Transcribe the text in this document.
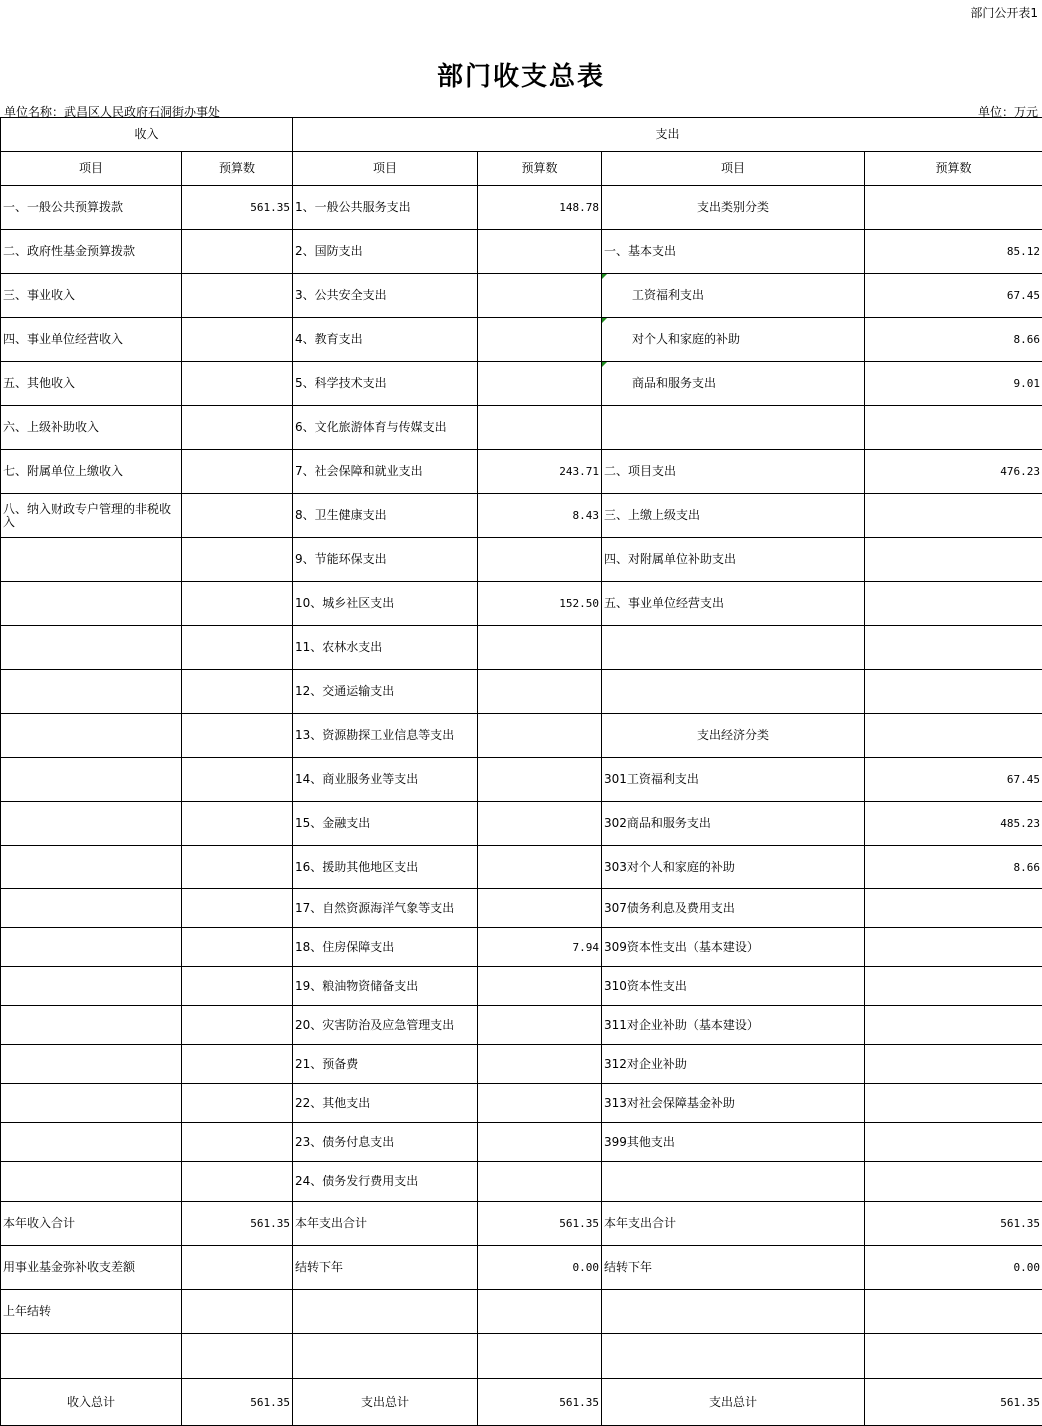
部门公开表1
部门收支总表
单位名称：武昌区人民政府石洞街办事处	单位：万元
收入		支出			
项目	预算数	项目	预算数	项目	预算数
一、一般公共预算拨款	561.35	1、一般公共服务支出	148.78	支出类别分类	
二、政府性基金预算拨款		2、国防支出		一、基本支出	85.12
三、事业收入		3、公共安全支出		工资福利支出	67.45
四、事业单位经营收入		4、教育支出		对个人和家庭的补助	8.66
五、其他收入		5、科学技术支出		商品和服务支出	9.01
六、上级补助收入		6、文化旅游体育与传媒支出			
七、附属单位上缴收入		7、社会保障和就业支出	243.71	二、项目支出	476.23
八、纳入财政专户管理的非税收入		8、卫生健康支出	8.43	三、上缴上级支出	
		9、节能环保支出		四、对附属单位补助支出	
		10、城乡社区支出	152.50	五、事业单位经营支出	
		11、农林水支出			
		12、交通运输支出			
		13、资源勘探工业信息等支出		支出经济分类	
		14、商业服务业等支出		301工资福利支出	67.45
		15、金融支出		302商品和服务支出	485.23
		16、援助其他地区支出		303对个人和家庭的补助	8.66
		17、自然资源海洋气象等支出		307债务利息及费用支出	
		18、住房保障支出	7.94	309资本性支出（基本建设）	
		19、粮油物资储备支出		310资本性支出	
		20、灾害防治及应急管理支出		311对企业补助（基本建设）	
		21、预备费		312对企业补助	
		22、其他支出		313对社会保障基金补助	
		23、债务付息支出		399其他支出	
		24、债务发行费用支出			
本年收入合计	561.35	本年支出合计	561.35	本年支出合计	561.35
用事业基金弥补收支差额		结转下年	0.00	结转下年	0.00
上年结转					

收入总计	561.35	支出总计	561.35	支出总计	561.35
